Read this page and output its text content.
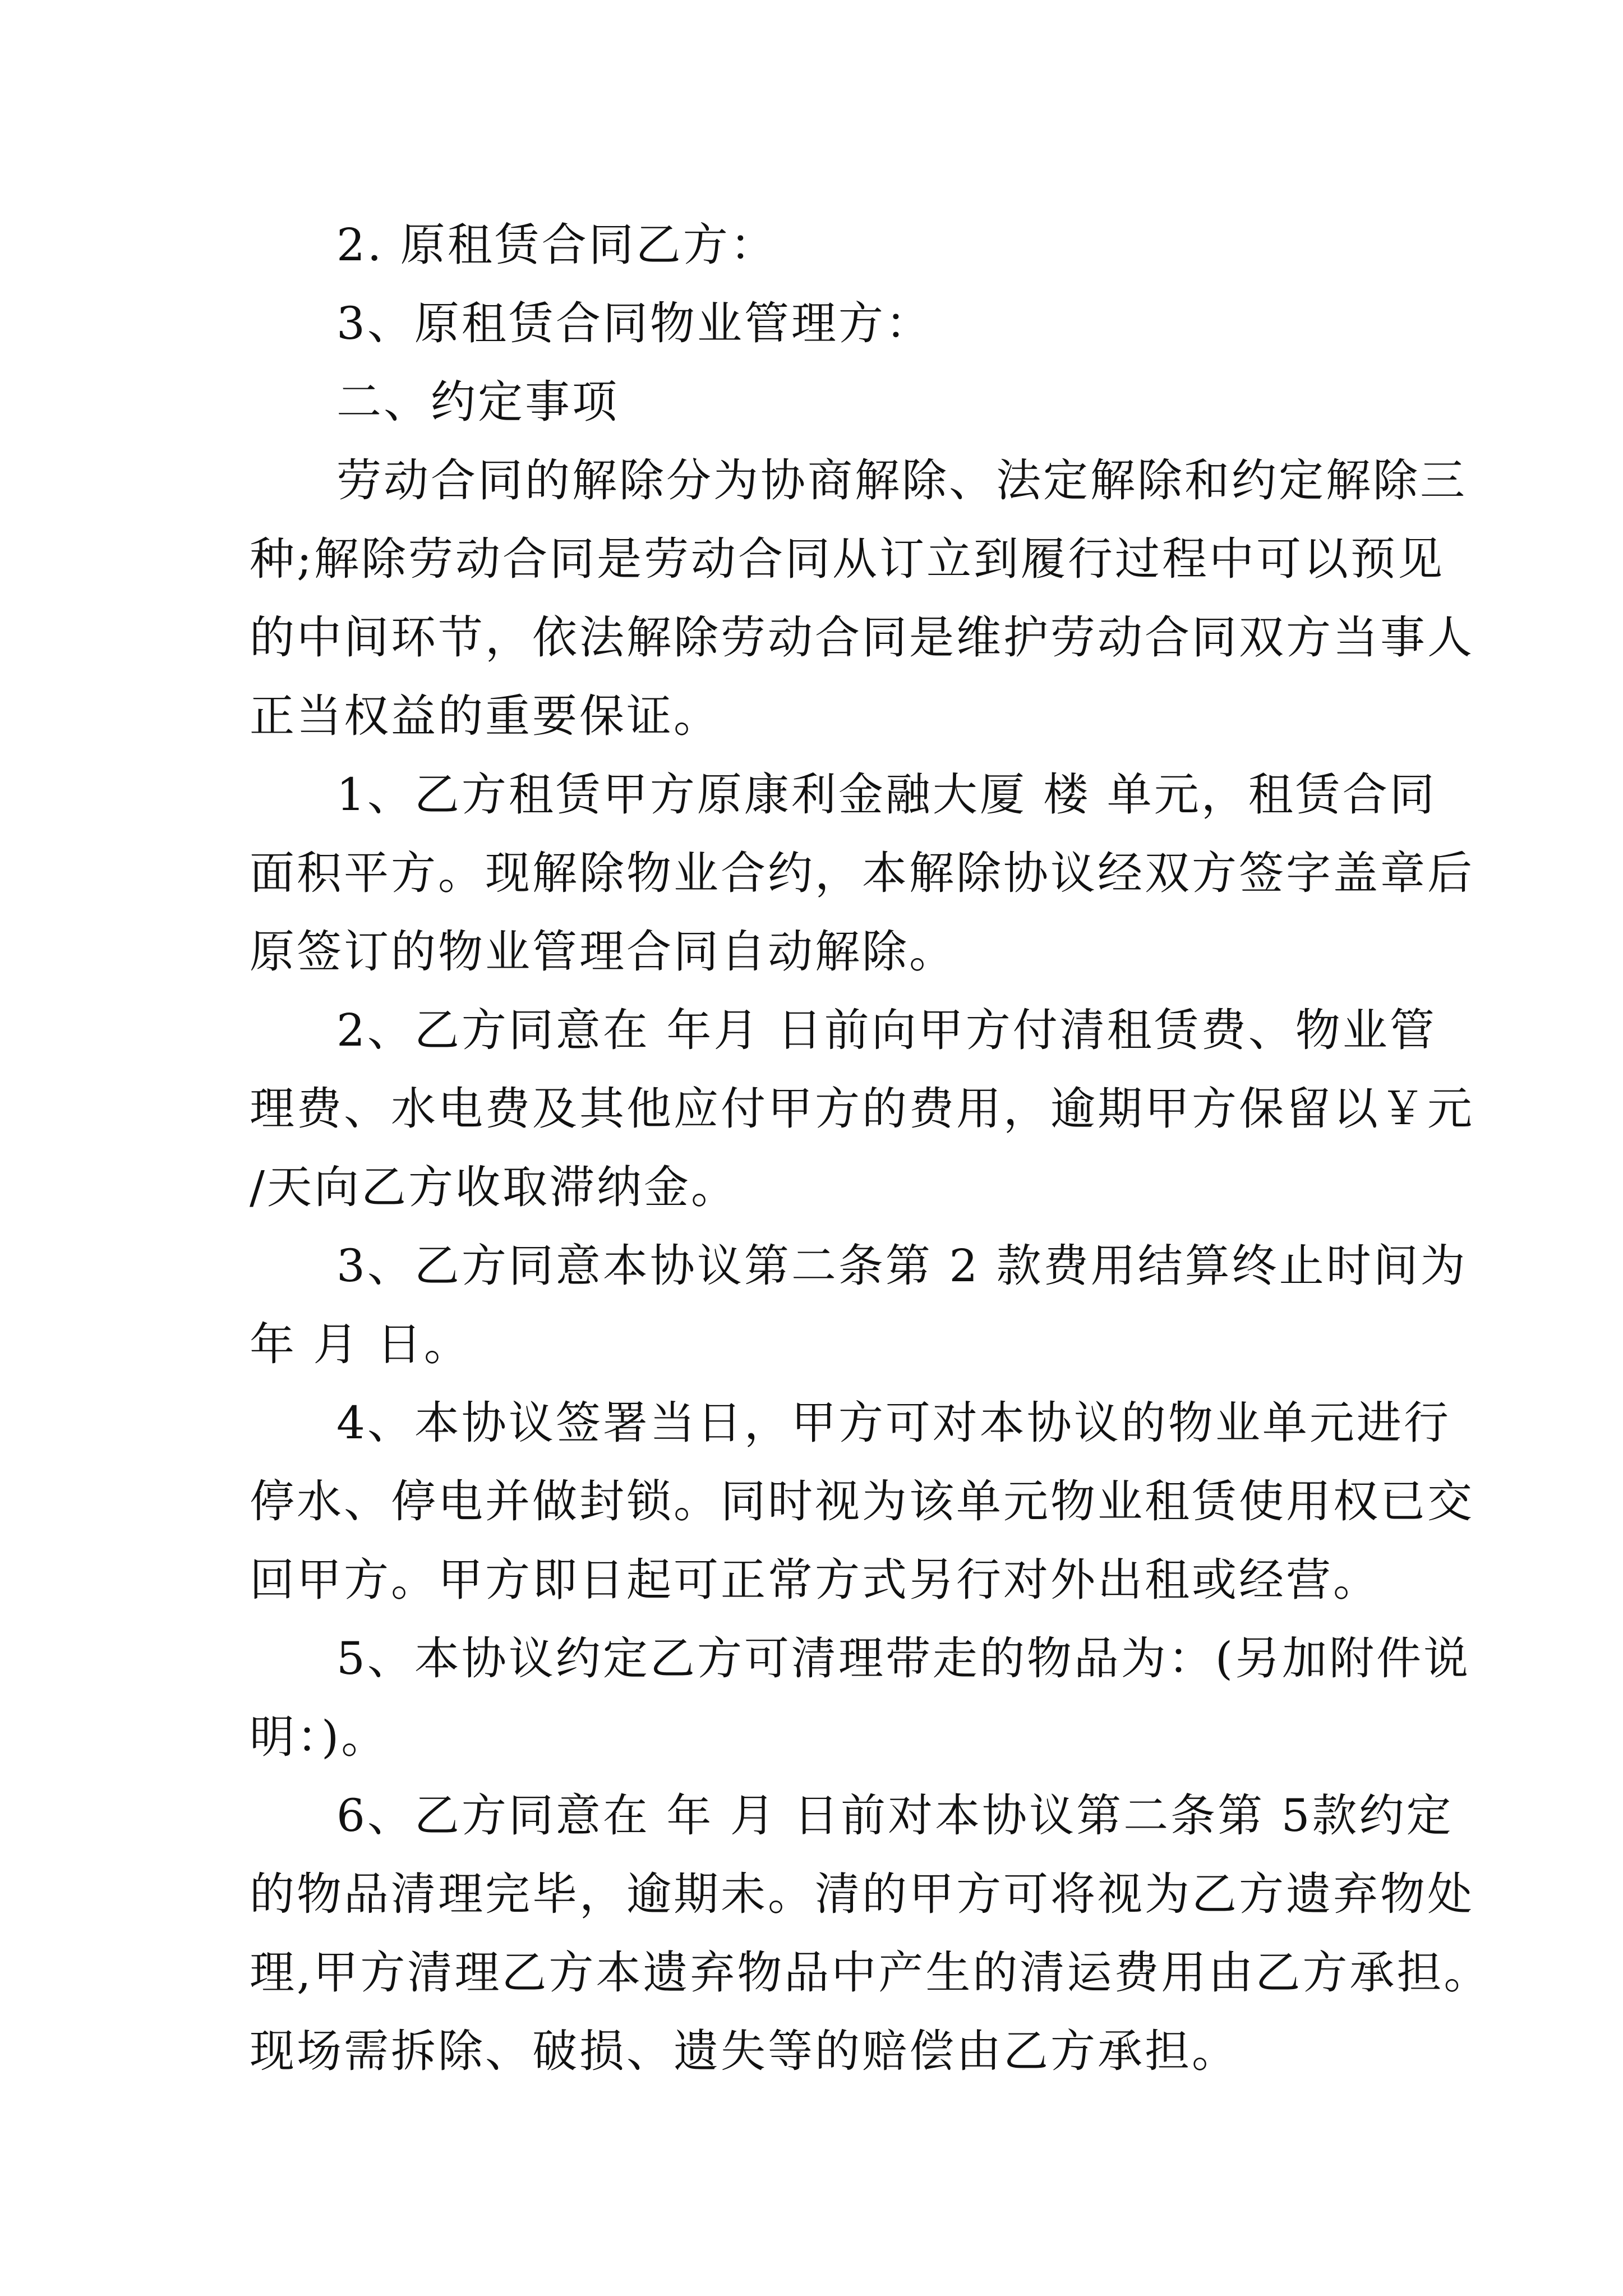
2. 原租赁合同乙方：
3、原租赁合同物业管理方：
二、约定事项
劳动合同的解除分为协商解除、法定解除和约定解除三
种;解除劳动合同是劳动合同从订立到履行过程中可以预见
的中间环节，依法解除劳动合同是维护劳动合同双方当事人
正当权益的重要保证。
1、乙方租赁甲方原康利金融大厦 楼 单元，租赁合同
面积平方。现解除物业合约，本解除协议经双方签字盖章后
原签订的物业管理合同自动解除。
2、乙方同意在 年月 日前向甲方付清租赁费、物业管
理费、水电费及其他应付甲方的费用，逾期甲方保留以￥元
/天向乙方收取滞纳金。
3、乙方同意本协议第二条第 2 款费用结算终止时间为
年 月 日。
4、本协议签署当日，甲方可对本协议的物业单元进行
停水、停电并做封锁。同时视为该单元物业租赁使用权已交
回甲方。甲方即日起可正常方式另行对外出租或经营。
5、本协议约定乙方可清理带走的物品为：(另加附件说
明：)。
6、乙方同意在 年 月 日前对本协议第二条第 5款约定
的物品清理完毕，逾期未。清的甲方可将视为乙方遗弃物处
理,甲方清理乙方本遗弃物品中产生的清运费用由乙方承担。
现场需拆除、破损、遗失等的赔偿由乙方承担。
